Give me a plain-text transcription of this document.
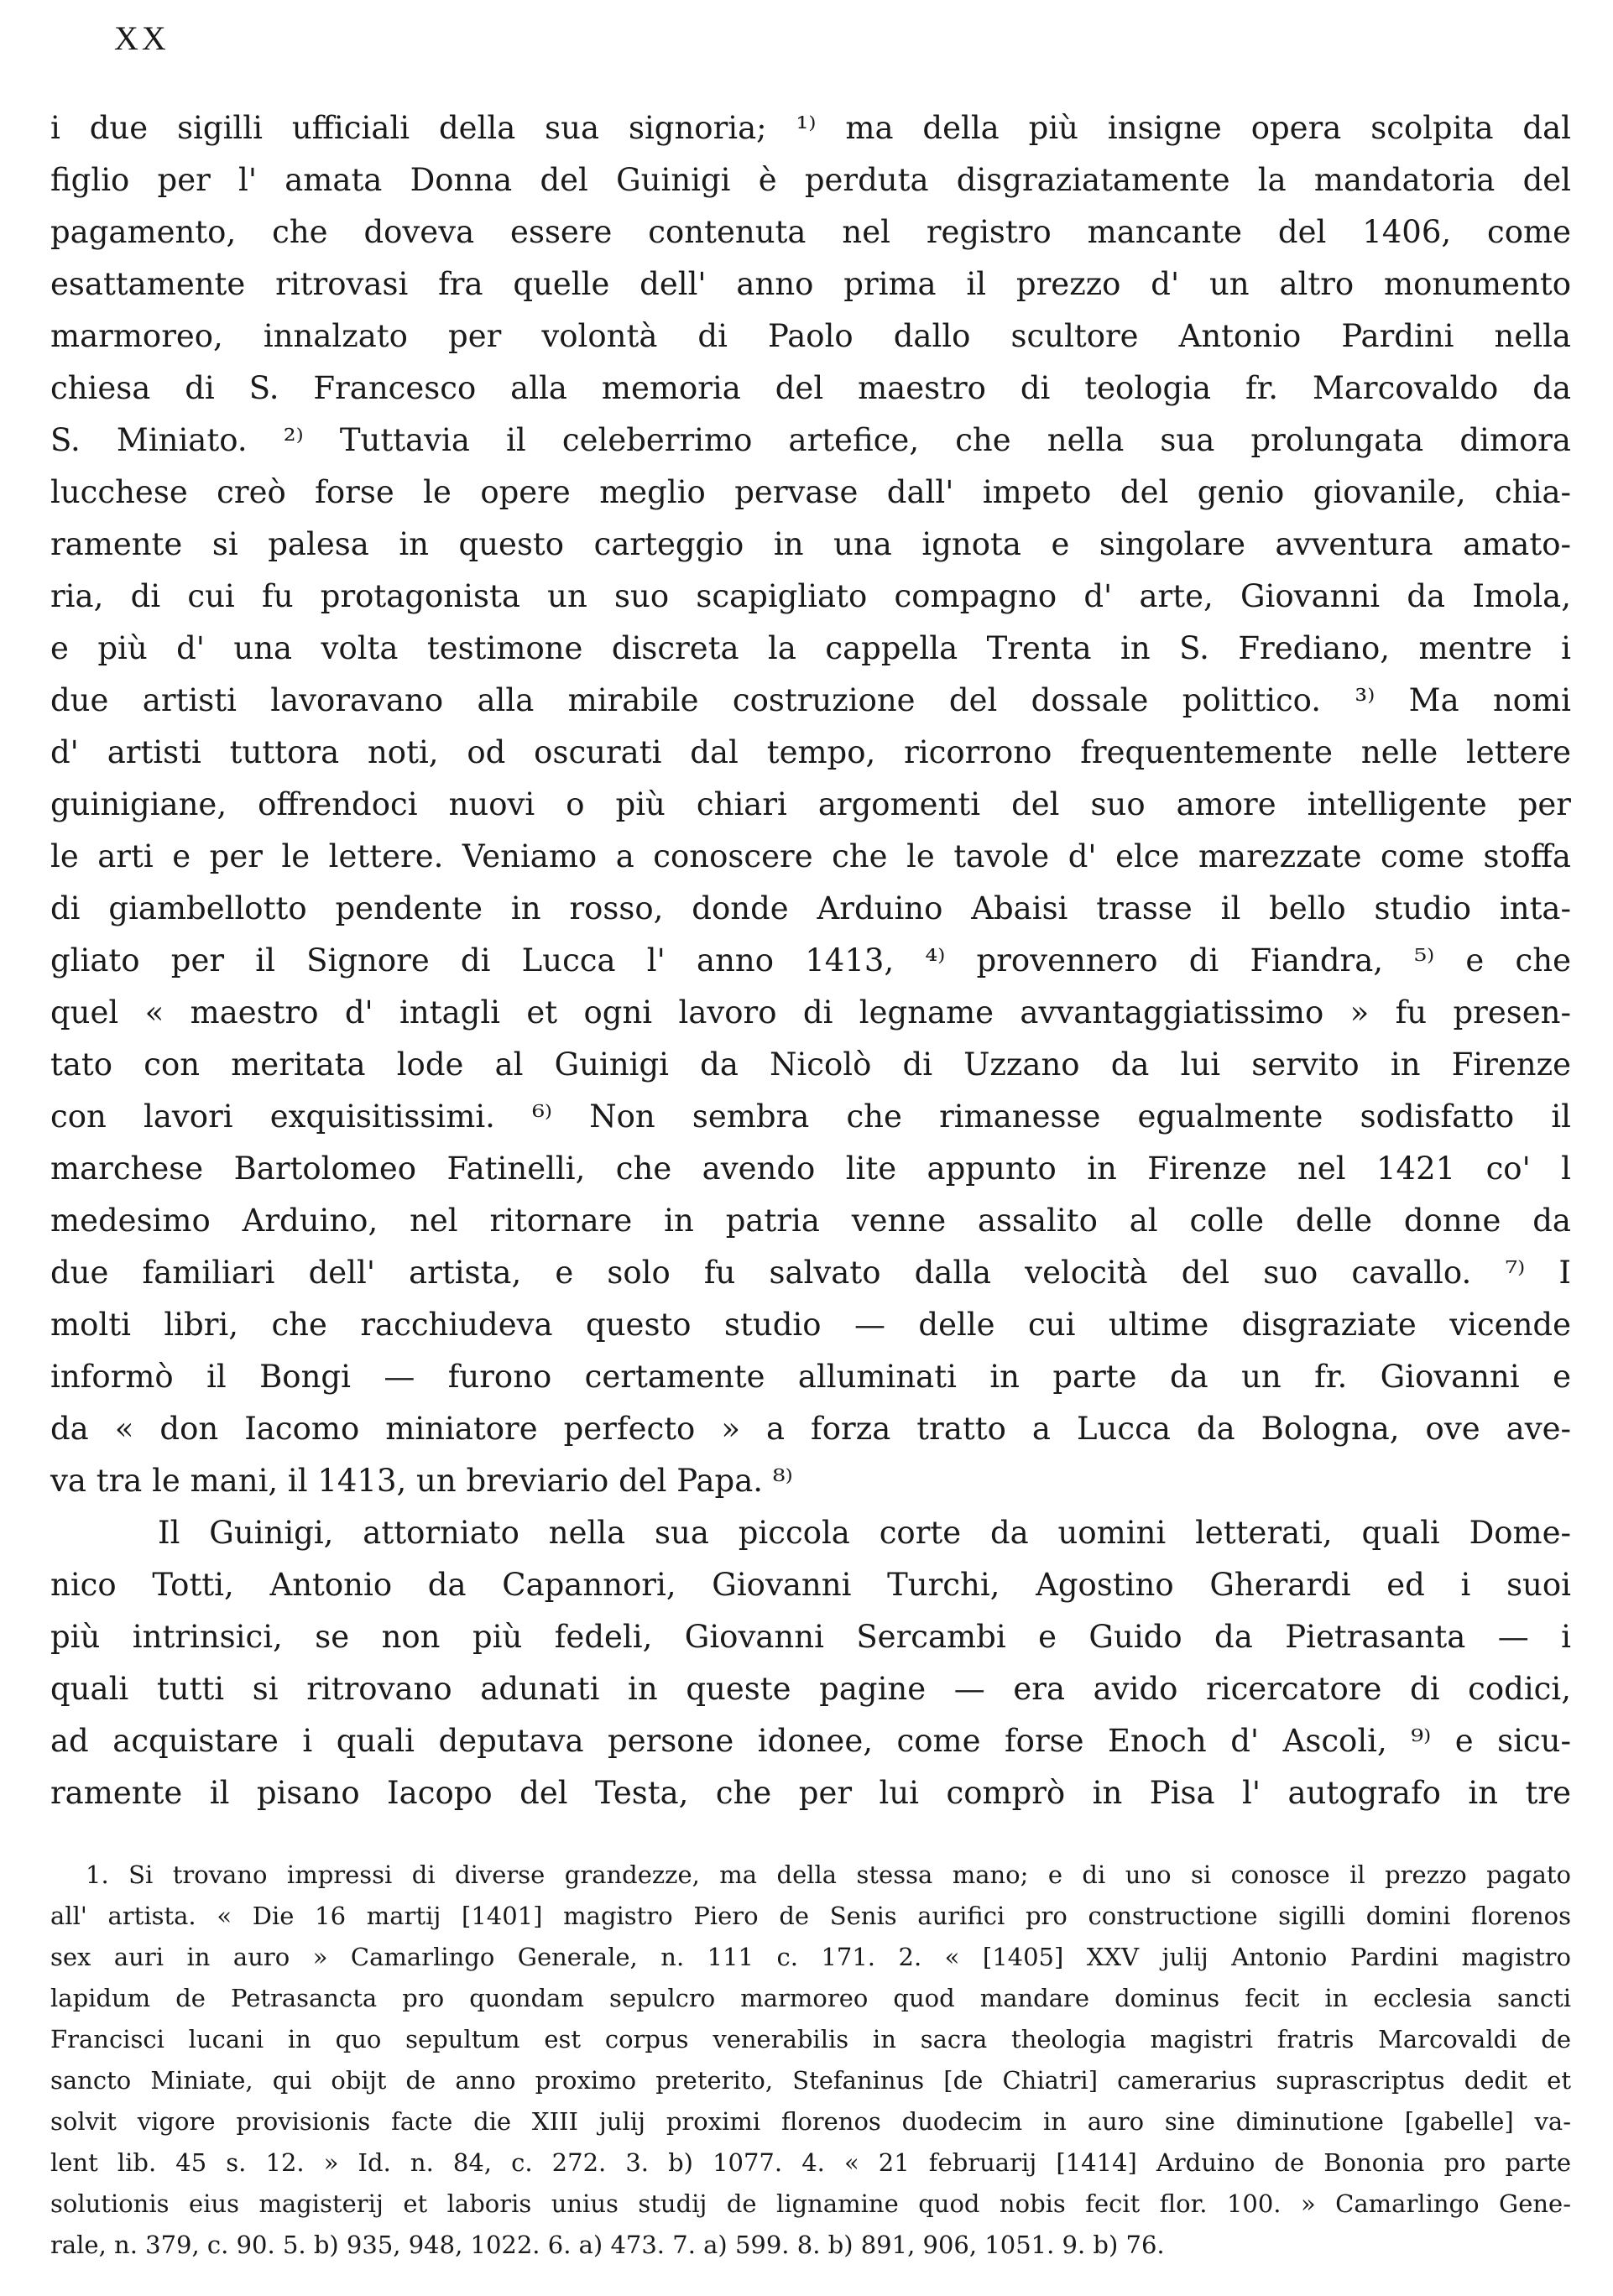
XX
i due sigilli ufficiali della sua signoria; ¹⁾ ma della più insigne opera scolpita dal
figlio per l' amata Donna del Guinigi è perduta disgraziatamente la mandatoria del
pagamento, che doveva essere contenuta nel registro mancante del 1406, come
esattamente ritrovasi fra quelle dell' anno prima il prezzo d' un altro monumento
marmoreo, innalzato per volontà di Paolo dallo scultore Antonio Pardini nella
chiesa di S. Francesco alla memoria del maestro di teologia fr. Marcovaldo da
S. Miniato. ²⁾ Tuttavia il celeberrimo artefice, che nella sua prolungata dimora
lucchese creò forse le opere meglio pervase dall' impeto del genio giovanile, chia-
ramente si palesa in questo carteggio in una ignota e singolare avventura amato-
ria, di cui fu protagonista un suo scapigliato compagno d' arte, Giovanni da Imola,
e più d' una volta testimone discreta la cappella Trenta in S. Frediano, mentre i
due artisti lavoravano alla mirabile costruzione del dossale polittico. ³⁾ Ma nomi
d' artisti tuttora noti, od oscurati dal tempo, ricorrono frequentemente nelle lettere
guinigiane, offrendoci nuovi o più chiari argomenti del suo amore intelligente per
le arti e per le lettere. Veniamo a conoscere che le tavole d' elce marezzate come stoffa
di giambellotto pendente in rosso, donde Arduino Abaisi trasse il bello studio inta-
gliato per il Signore di Lucca l' anno 1413, ⁴⁾ provennero di Fiandra, ⁵⁾ e che
quel « maestro d' intagli et ogni lavoro di legname avvantaggiatissimo » fu presen-
tato con meritata lode al Guinigi da Nicolò di Uzzano da lui servito in Firenze
con lavori exquisitissimi. ⁶⁾ Non sembra che rimanesse egualmente sodisfatto il
marchese Bartolomeo Fatinelli, che avendo lite appunto in Firenze nel 1421 co' l
medesimo Arduino, nel ritornare in patria venne assalito al colle delle donne da
due familiari dell' artista, e solo fu salvato dalla velocità del suo cavallo. ⁷⁾ I
molti libri, che racchiudeva questo studio — delle cui ultime disgraziate vicende
informò il Bongi — furono certamente alluminati in parte da un fr. Giovanni e
da « don Iacomo miniatore perfecto » a forza tratto a Lucca da Bologna, ove ave-
va tra le mani, il 1413, un breviario del Papa. ⁸⁾
Il Guinigi, attorniato nella sua piccola corte da uomini letterati, quali Dome-
nico Totti, Antonio da Capannori, Giovanni Turchi, Agostino Gherardi ed i suoi
più intrinsici, se non più fedeli, Giovanni Sercambi e Guido da Pietrasanta — i
quali tutti si ritrovano adunati in queste pagine — era avido ricercatore di codici,
ad acquistare i quali deputava persone idonee, come forse Enoch d' Ascoli, ⁹⁾ e sicu-
ramente il pisano Iacopo del Testa, che per lui comprò in Pisa l' autografo in tre
1. Si trovano impressi di diverse grandezze, ma della stessa mano; e di uno si conosce il prezzo pagato
all' artista. « Die 16 martij [1401] magistro Piero de Senis aurifici pro constructione sigilli domini florenos
sex auri in auro » Camarlingo Generale, n. 111 c. 171. 2. « [1405] XXV julij Antonio Pardini magistro
lapidum de Petrasancta pro quondam sepulcro marmoreo quod mandare dominus fecit in ecclesia sancti
Francisci lucani in quo sepultum est corpus venerabilis in sacra theologia magistri fratris Marcovaldi de
sancto Miniate, qui obijt de anno proximo preterito, Stefaninus [de Chiatri] camerarius suprascriptus dedit et
solvit vigore provisionis facte die XIII julij proximi florenos duodecim in auro sine diminutione [gabelle] va-
lent lib. 45 s. 12. » Id. n. 84, c. 272. 3. b) 1077. 4. « 21 februarij [1414] Arduino de Bononia pro parte
solutionis eius magisterij et laboris unius studij de lignamine quod nobis fecit flor. 100. » Camarlingo Gene-
rale, n. 379, c. 90. 5. b) 935, 948, 1022. 6. a) 473. 7. a) 599. 8. b) 891, 906, 1051. 9. b) 76.
